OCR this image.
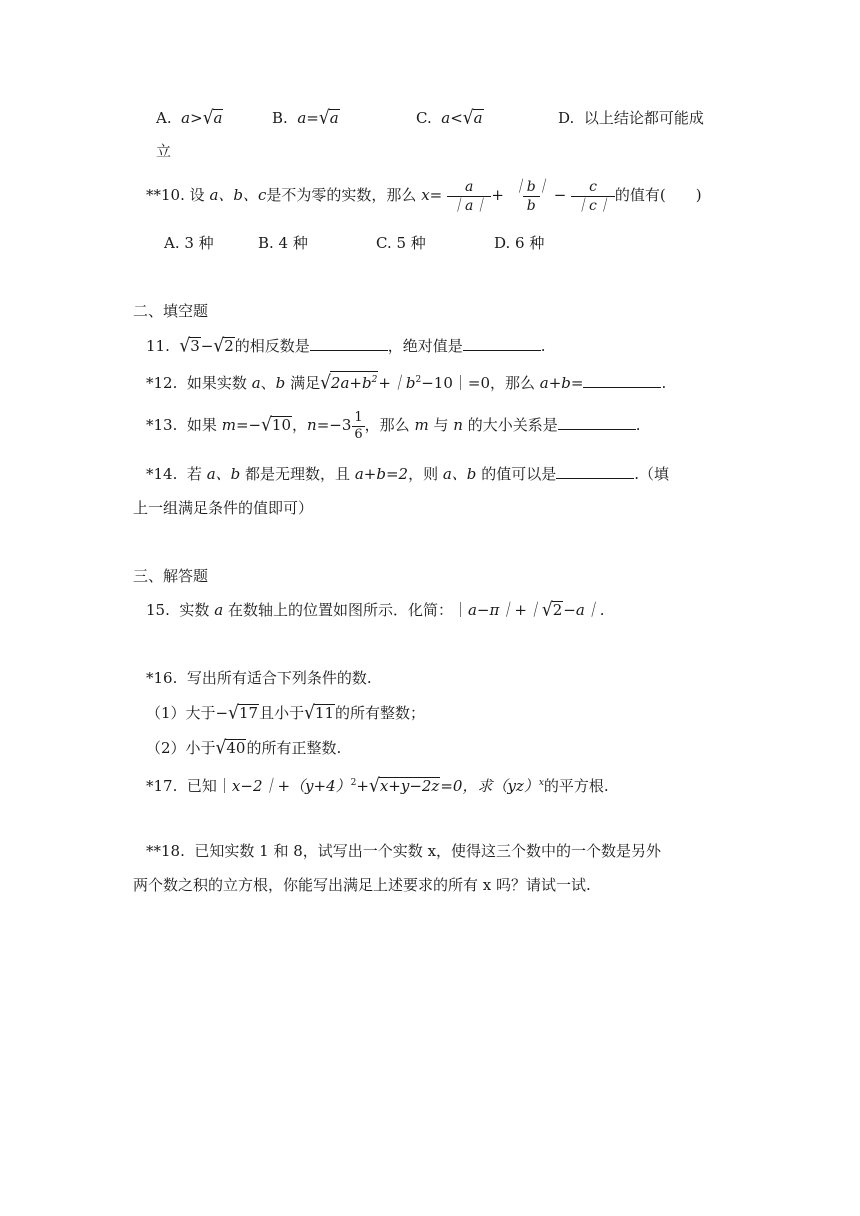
A. a>√a	B. a=√a	C. a<√a	D. 以上结论都可能成
立
**10. 设 a、b、c是不为零的实数，那么 $x= \frac{a}{|a|} + \frac{|b|}{b} - \frac{c}{|c|}$ 的值有(　　)
A. 3 种	B. 4 种	C. 5 种	D. 6 种
二、填空题
11. √3−√2的相反数是	，绝对值是	.
*12. 如果实数 a、b 满足$√2a+b^2+|b^2-10|=0$，那么 a+b=	.
*13. 如果 m=−√10，$n=-3 \frac{1}{6}$ ，那么 m 与 n 的大小关系是	.
*14. 若 a、b 都是无理数，且 a+b=2，则 a、b 的值可以是	.（填
上一组满足条件的值即可）
三、解答题
15. 实数 a 在数轴上的位置如图所示．化简：｜a−π｜+｜√2−a｜.
*16. 写出所有适合下列条件的数.
（1）大于−√17且小于√11的所有整数；
（2）小于√40的所有正整数.
*17. 已知$|x-2|+(y+4)^2+√x+y-2z=0$，求（yz）$^x$的平方根.
**18. 已知实数 1 和 8，试写出一个实数 x，使得这三个数中的一个数是另外
两个数之积的立方根，你能写出满足上述要求的所有 x 吗？请试一试.
